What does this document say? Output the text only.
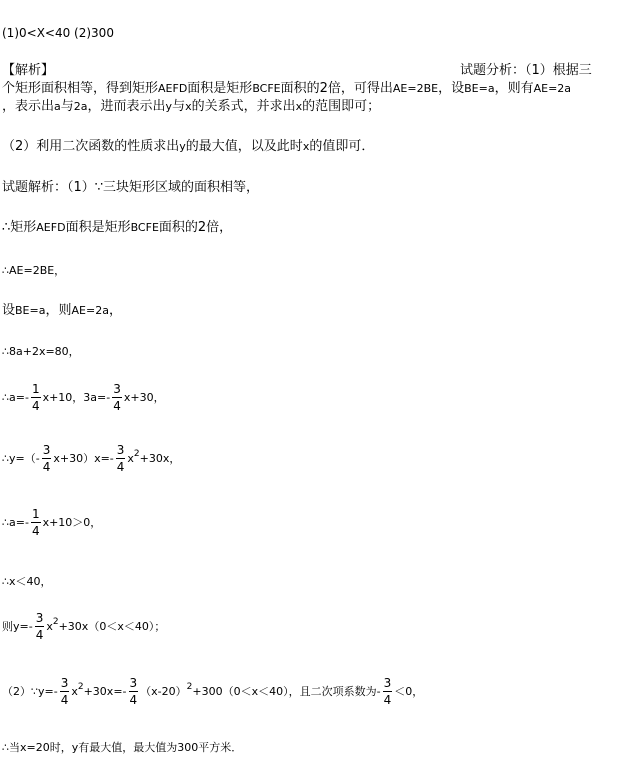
(1)0<X<40 (2)300
【解析】	试题分析：（1）根据三
个矩形面积相等，得到矩形AEFD面积是矩形BCFE面积的2倍，可得出AE=2BE，设BE=a，则有AE=2a
，表示出a与2a，进而表示出y与x的关系式，并求出x的范围即可；
（2）利用二次函数的性质求出y的最大值，以及此时x的值即可．
试题解析：（1）∵三块矩形区域的面积相等，
∴矩形AEFD面积是矩形BCFE面积的2倍，
∴AE=2BE，
设BE=a，则AE=2a，
∴8a+2x=80，
∴a=- $\frac{1}{4} x+10$，$3a=- \frac{3}{4} x+30$，
∴y=（- $\frac{3}{4} x+30)x=- \frac{3}{4} x^2+30x$，
∴a=- $\frac{1}{4} x+10>0$，
∴x＜40，
则$y=- \frac{3}{4} x^2+30x(0<x<40)$；
（2）∵y=- $\frac{3}{4} x^2+30x=- \frac{3}{4} (x-20)^2+300(0<x<40)$，且二次项系数为- $\frac{3}{4} <0$，
∴当x=20时，y有最大值，最大值为300平方米．
